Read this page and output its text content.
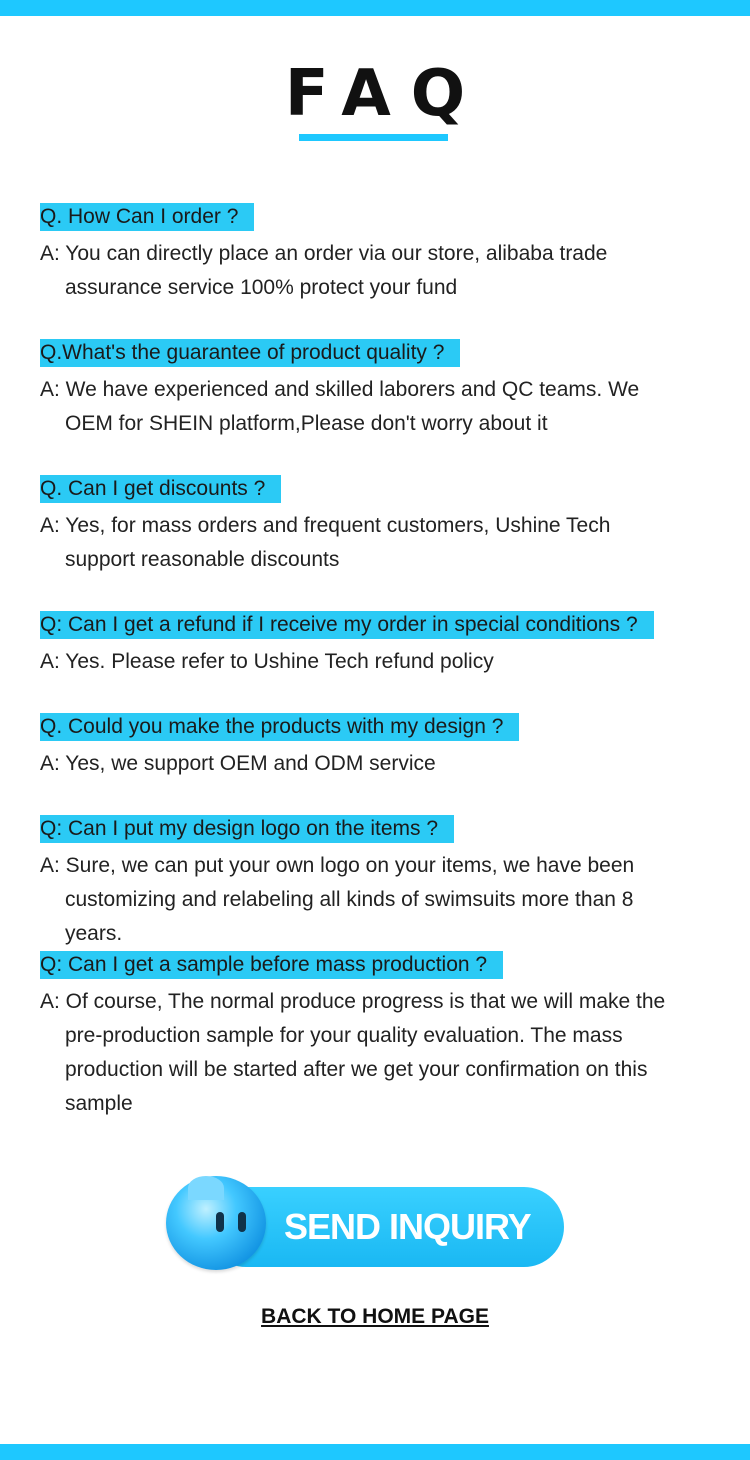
FAQ
Q. How Can I order ?
A: You can directly place an order via our store, alibaba trade assurance service 100% protect your fund
Q.What's the guarantee of product quality ?
A: We have experienced and skilled laborers and QC teams. We OEM for SHEIN platform,Please don't worry about it
Q. Can I get discounts ?
A: Yes, for mass orders and frequent customers, Ushine Tech support reasonable discounts
Q: Can I get a refund if I receive my order in special conditions ?
A: Yes. Please refer to Ushine Tech refund policy
Q. Could you make the products with my design ?
A: Yes, we support OEM and ODM service
Q: Can I put my design logo on the items ?
A: Sure, we can put your own logo on your items, we have been customizing and relabeling all kinds of swimsuits more than 8 years.
Q: Can I get a sample before mass production ?
A: Of course, The normal produce progress is that we will make the pre-production sample for your quality evaluation. The mass production will be started after we get your confirmation on this sample
SEND INQUIRY
BACK TO HOME PAGE
